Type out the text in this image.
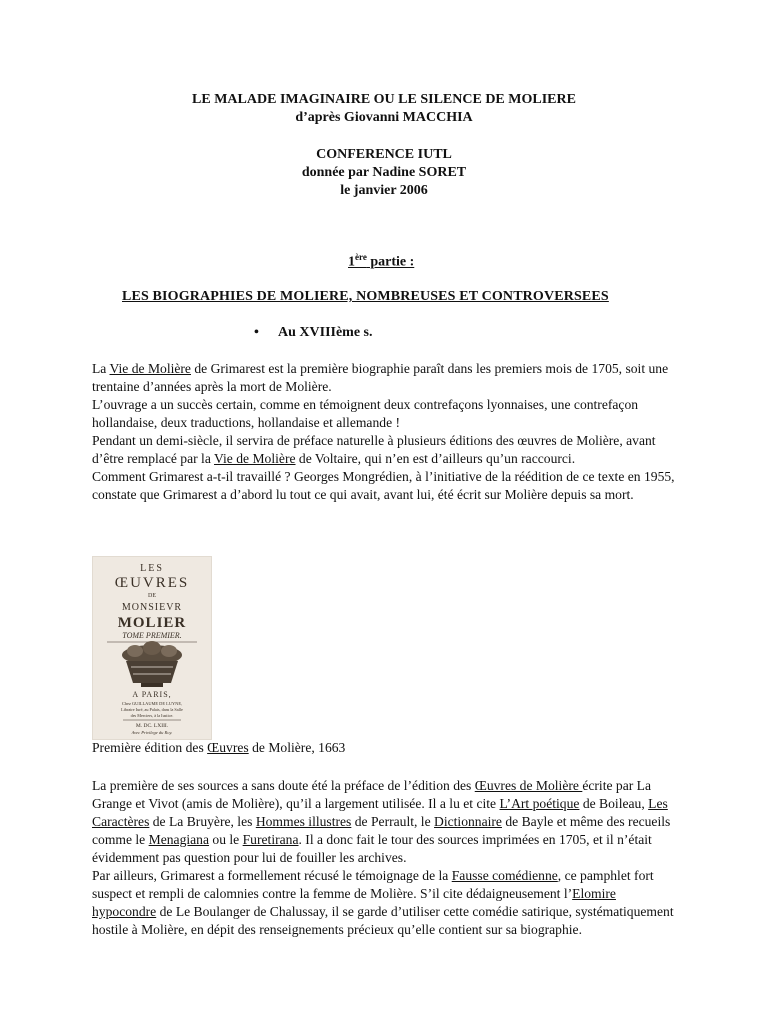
LE MALADE IMAGINAIRE OU LE SILENCE DE MOLIERE
d’après Giovanni MACCHIA
CONFERENCE IUTL
donnée par Nadine SORET
le janvier 2006
1ère partie :
LES BIOGRAPHIES DE MOLIERE, NOMBREUSES ET CONTROVERSEES
• Au XVIIIème s.
La Vie de Molière de Grimarest est la première biographie paraît dans les premiers mois de 1705, soit une trentaine d’années après la mort de Molière.
L’ouvrage a un succès certain, comme en témoignent deux contrefaçons lyonnaises, une contrefaçon hollandaise, deux traductions, hollandaise et allemande !
Pendant un demi-siècle, il servira de préface naturelle à plusieurs éditions des œuvres de Molière, avant d’être remplacé par la Vie de Molière de Voltaire, qui n’en est d’ailleurs qu’un raccourci.
Comment Grimarest a-t-il travaillé ? Georges Mongrédien, à l’initiative de la réédition de ce texte en 1955, constate que Grimarest a d’abord lu tout ce qui avait, avant lui, été écrit sur Molière depuis sa mort.
LES
ŒUVRES
DE
MONSIEVR
MOLIER
TOME PREMIER.
A PARIS,
Chez GUILLAUME DE LUYNE,
Libraire Iuré, au Palais, dans la Salle
des Merciers, à la Iustice.
M. DC. LXIII.
Avec Privilege du Roy.
Première édition des Œuvres de Molière, 1663
La première de ses sources a sans doute été la préface de l’édition des Œuvres de Molière écrite par La Grange et Vivot (amis de Molière), qu’il a largement utilisée. Il a lu et cite L’Art poétique de Boileau, Les Caractères de La Bruyère, les Hommes illustres de Perrault, le Dictionnaire de Bayle et même des recueils comme le Menagiana ou le Furetirana. Il a donc fait le tour des sources imprimées en 1705, et il n’était évidemment pas question pour lui de fouiller les archives.
Par ailleurs, Grimarest a formellement récusé le témoignage de la Fausse comédienne, ce pamphlet fort suspect et rempli de calomnies contre la femme de Molière. S’il cite dédaigneusement l’Elomire hypocondre de Le Boulanger de Chalussay, il se garde d’utiliser cette comédie satirique, systématiquement hostile à Molière, en dépit des renseignements précieux qu’elle contient sur sa biographie.
